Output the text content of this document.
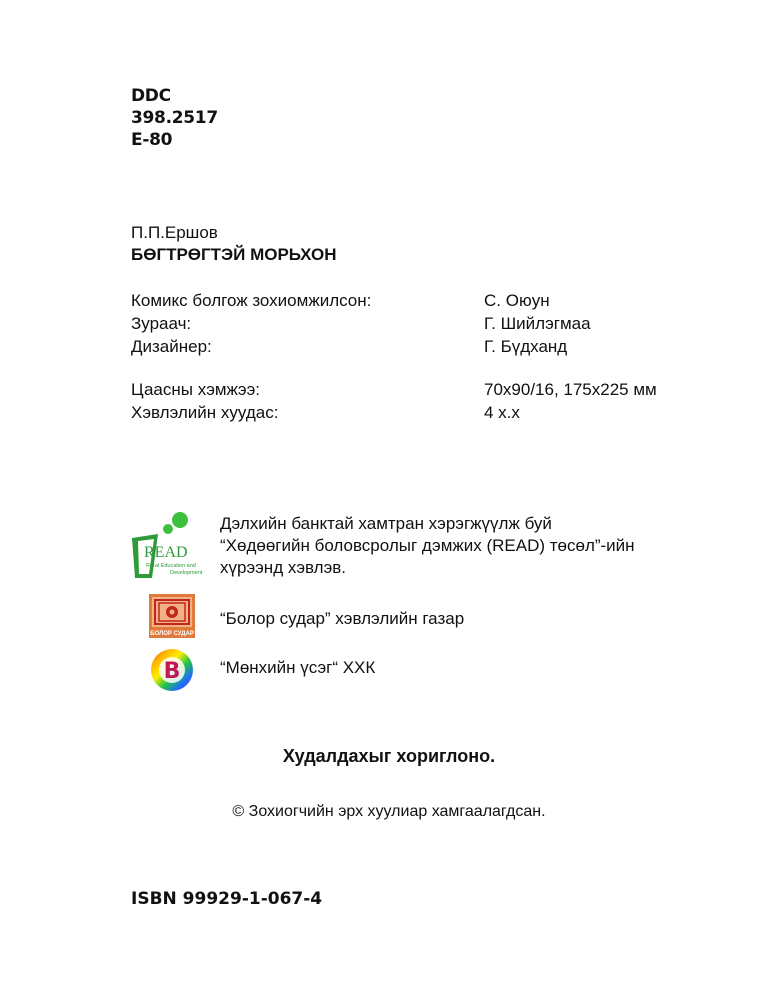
DDC
398.2517
E-80
П.П.Ершов
БӨГТРӨГТЭЙ МОРЬХОН
Комикс болгож зохиомжилсон:	С. Оюун
Зураач:	Г. Шийлэгмаа
Дизайнер:	Г. Бүдханд
Цаасны хэмжээ:	70х90/16, 175х225 мм
Хэвлэлийн хуудас:	4 х.х
READ
Rural Education and
Development
Дэлхийн банктай хамтран хэрэгжүүлж буй
“Хөдөөгийн боловсролыг дэмжих (READ) төсөл”-ийн
хүрээнд хэвлэв.
БОЛОР СУДАР
“Болор судар” хэвлэлийн газар
B “Мөнхийн үсэг“ ХХК
Худалдахыг хориглоно.
© Зохиогчийн эрх хуулиар хамгаалагдсан.
ISBN 99929-1-067-4
